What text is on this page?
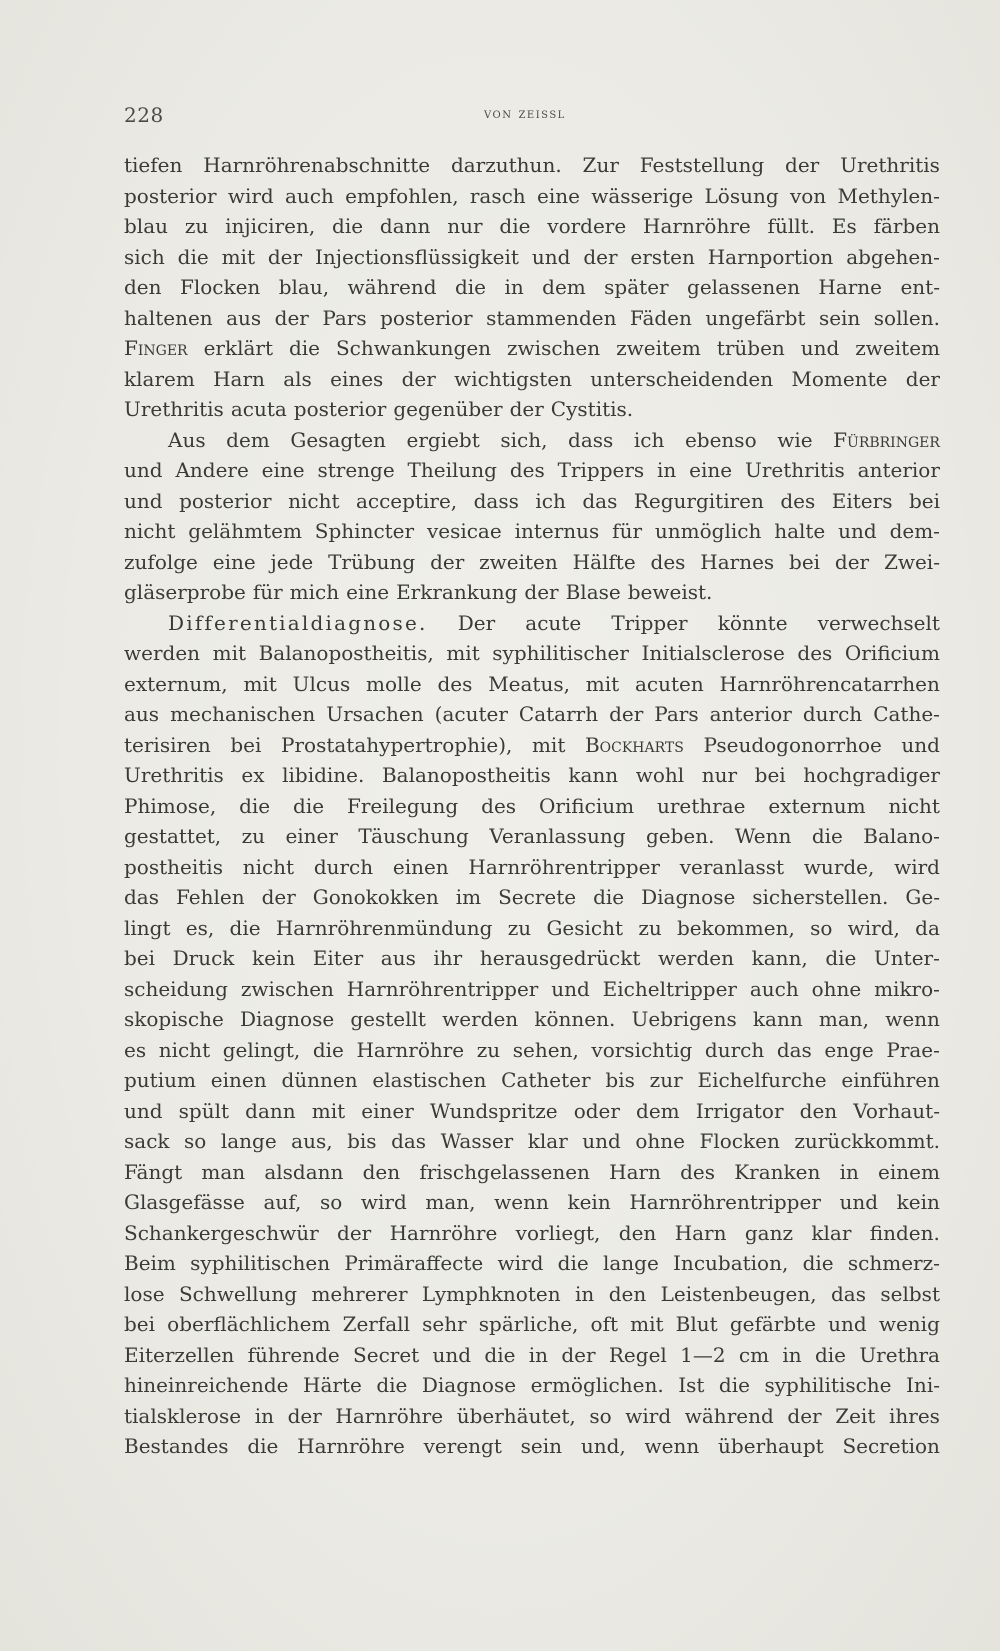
228	von zeissl
tiefen Harnröhrenabschnitte darzuthun. Zur Feststellung der Urethritis
posterior wird auch empfohlen, rasch eine wässerige Lösung von Methylen-
blau zu injiciren, die dann nur die vordere Harnröhre füllt. Es färben
sich die mit der Injectionsflüssigkeit und der ersten Harnportion abgehen-
den Flocken blau, während die in dem später gelassenen Harne ent-
haltenen aus der Pars posterior stammenden Fäden ungefärbt sein sollen.
Finger erklärt die Schwankungen zwischen zweitem trüben und zweitem
klarem Harn als eines der wichtigsten unterscheidenden Momente der
Urethritis acuta posterior gegenüber der Cystitis.
Aus dem Gesagten ergiebt sich, dass ich ebenso wie Fürbringer
und Andere eine strenge Theilung des Trippers in eine Urethritis anterior
und posterior nicht acceptire, dass ich das Regurgitiren des Eiters bei
nicht gelähmtem Sphincter vesicae internus für unmöglich halte und dem-
zufolge eine jede Trübung der zweiten Hälfte des Harnes bei der Zwei-
gläserprobe für mich eine Erkrankung der Blase beweist.
Differentialdiagnose. Der acute Tripper könnte verwechselt
werden mit Balanopostheitis, mit syphilitischer Initialsclerose des Orificium
externum, mit Ulcus molle des Meatus, mit acuten Harnröhrencatarrhen
aus mechanischen Ursachen (acuter Catarrh der Pars anterior durch Cathe-
terisiren bei Prostatahypertrophie), mit Bockharts Pseudogonorrhoe und
Urethritis ex libidine. Balanopostheitis kann wohl nur bei hochgradiger
Phimose, die die Freilegung des Orificium urethrae externum nicht
gestattet, zu einer Täuschung Veranlassung geben. Wenn die Balano-
postheitis nicht durch einen Harnröhrentripper veranlasst wurde, wird
das Fehlen der Gonokokken im Secrete die Diagnose sicherstellen. Ge-
lingt es, die Harnröhrenmündung zu Gesicht zu bekommen, so wird, da
bei Druck kein Eiter aus ihr herausgedrückt werden kann, die Unter-
scheidung zwischen Harnröhrentripper und Eicheltripper auch ohne mikro-
skopische Diagnose gestellt werden können. Uebrigens kann man, wenn
es nicht gelingt, die Harnröhre zu sehen, vorsichtig durch das enge Prae-
putium einen dünnen elastischen Catheter bis zur Eichelfurche einführen
und spült dann mit einer Wundspritze oder dem Irrigator den Vorhaut-
sack so lange aus, bis das Wasser klar und ohne Flocken zurückkommt.
Fängt man alsdann den frischgelassenen Harn des Kranken in einem
Glasgefässe auf, so wird man, wenn kein Harnröhrentripper und kein
Schankergeschwür der Harnröhre vorliegt, den Harn ganz klar finden.
Beim syphilitischen Primäraffecte wird die lange Incubation, die schmerz-
lose Schwellung mehrerer Lymphknoten in den Leistenbeugen, das selbst
bei oberflächlichem Zerfall sehr spärliche, oft mit Blut gefärbte und wenig
Eiterzellen führende Secret und die in der Regel 1—2 cm in die Urethra
hineinreichende Härte die Diagnose ermöglichen. Ist die syphilitische Ini-
tialsklerose in der Harnröhre überhäutet, so wird während der Zeit ihres
Bestandes die Harnröhre verengt sein und, wenn überhaupt Secretion
